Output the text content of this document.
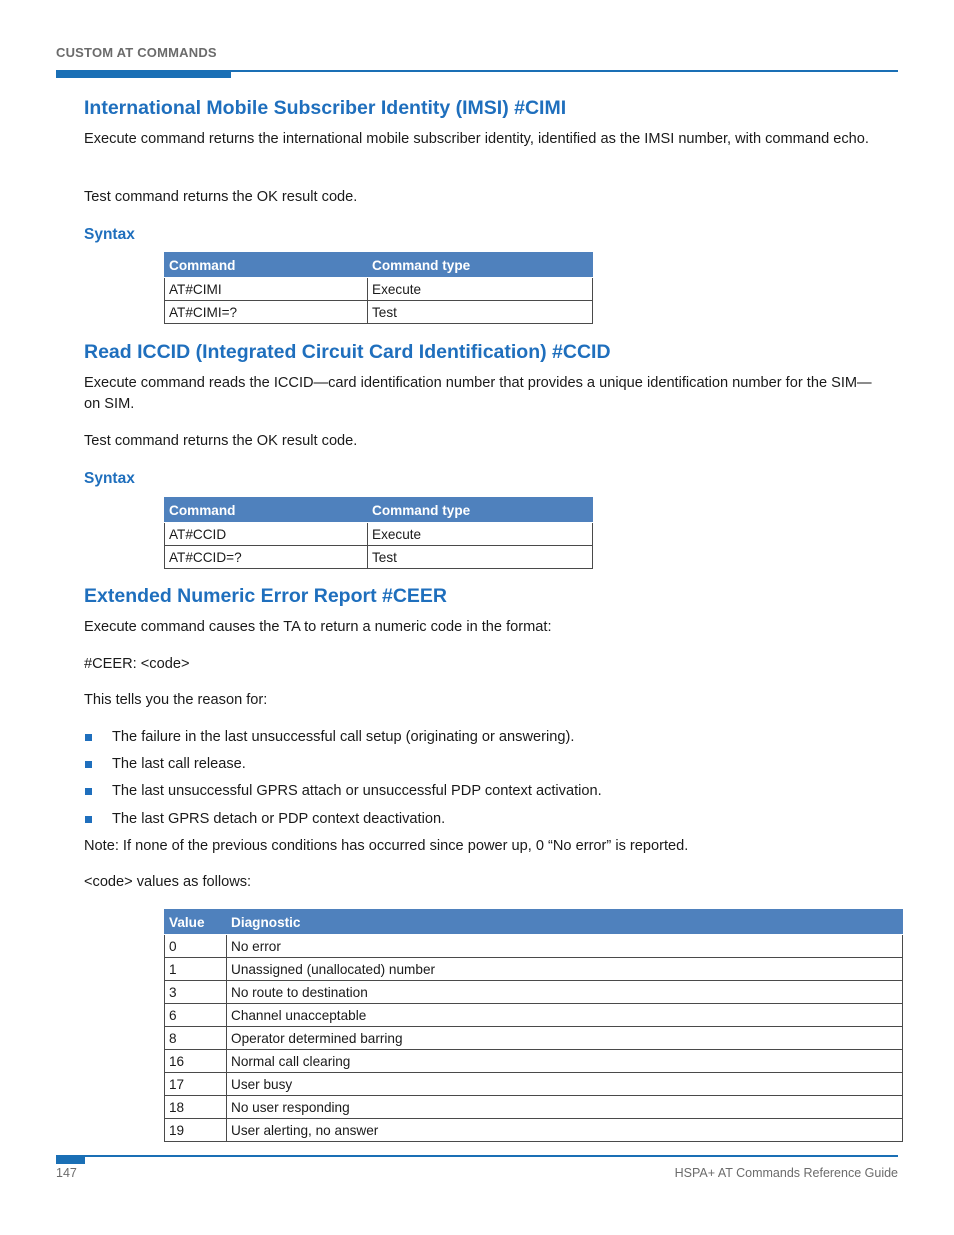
CUSTOM AT COMMANDS
International Mobile Subscriber Identity (IMSI) #CIMI
Execute command returns the international mobile subscriber identity, identified as the IMSI number, with command echo.
Test command returns the OK result code.
Syntax
Command	Command type
AT#CIMI	Execute
AT#CIMI=?	Test
Read ICCID (Integrated Circuit Card Identification) #CCID
Execute command reads the ICCID—card identification number that provides a unique identification number for the SIM—on SIM.
Test command returns the OK result code.
Syntax
Command	Command type
AT#CCID	Execute
AT#CCID=?	Test
Extended Numeric Error Report #CEER
Execute command causes the TA to return a numeric code in the format:
#CEER: <code>
This tells you the reason for:
The failure in the last unsuccessful call setup (originating or answering).
The last call release.
The last unsuccessful GPRS attach or unsuccessful PDP context activation.
The last GPRS detach or PDP context deactivation.
Note: If none of the previous conditions has occurred since power up, 0 “No error” is reported.
<code> values as follows:
Value	Diagnostic
0	No error
1	Unassigned (unallocated) number
3	No route to destination
6	Channel unacceptable
8	Operator determined barring
16	Normal call clearing
17	User busy
18	No user responding
19	User alerting, no answer
147	HSPA+ AT Commands Reference Guide
